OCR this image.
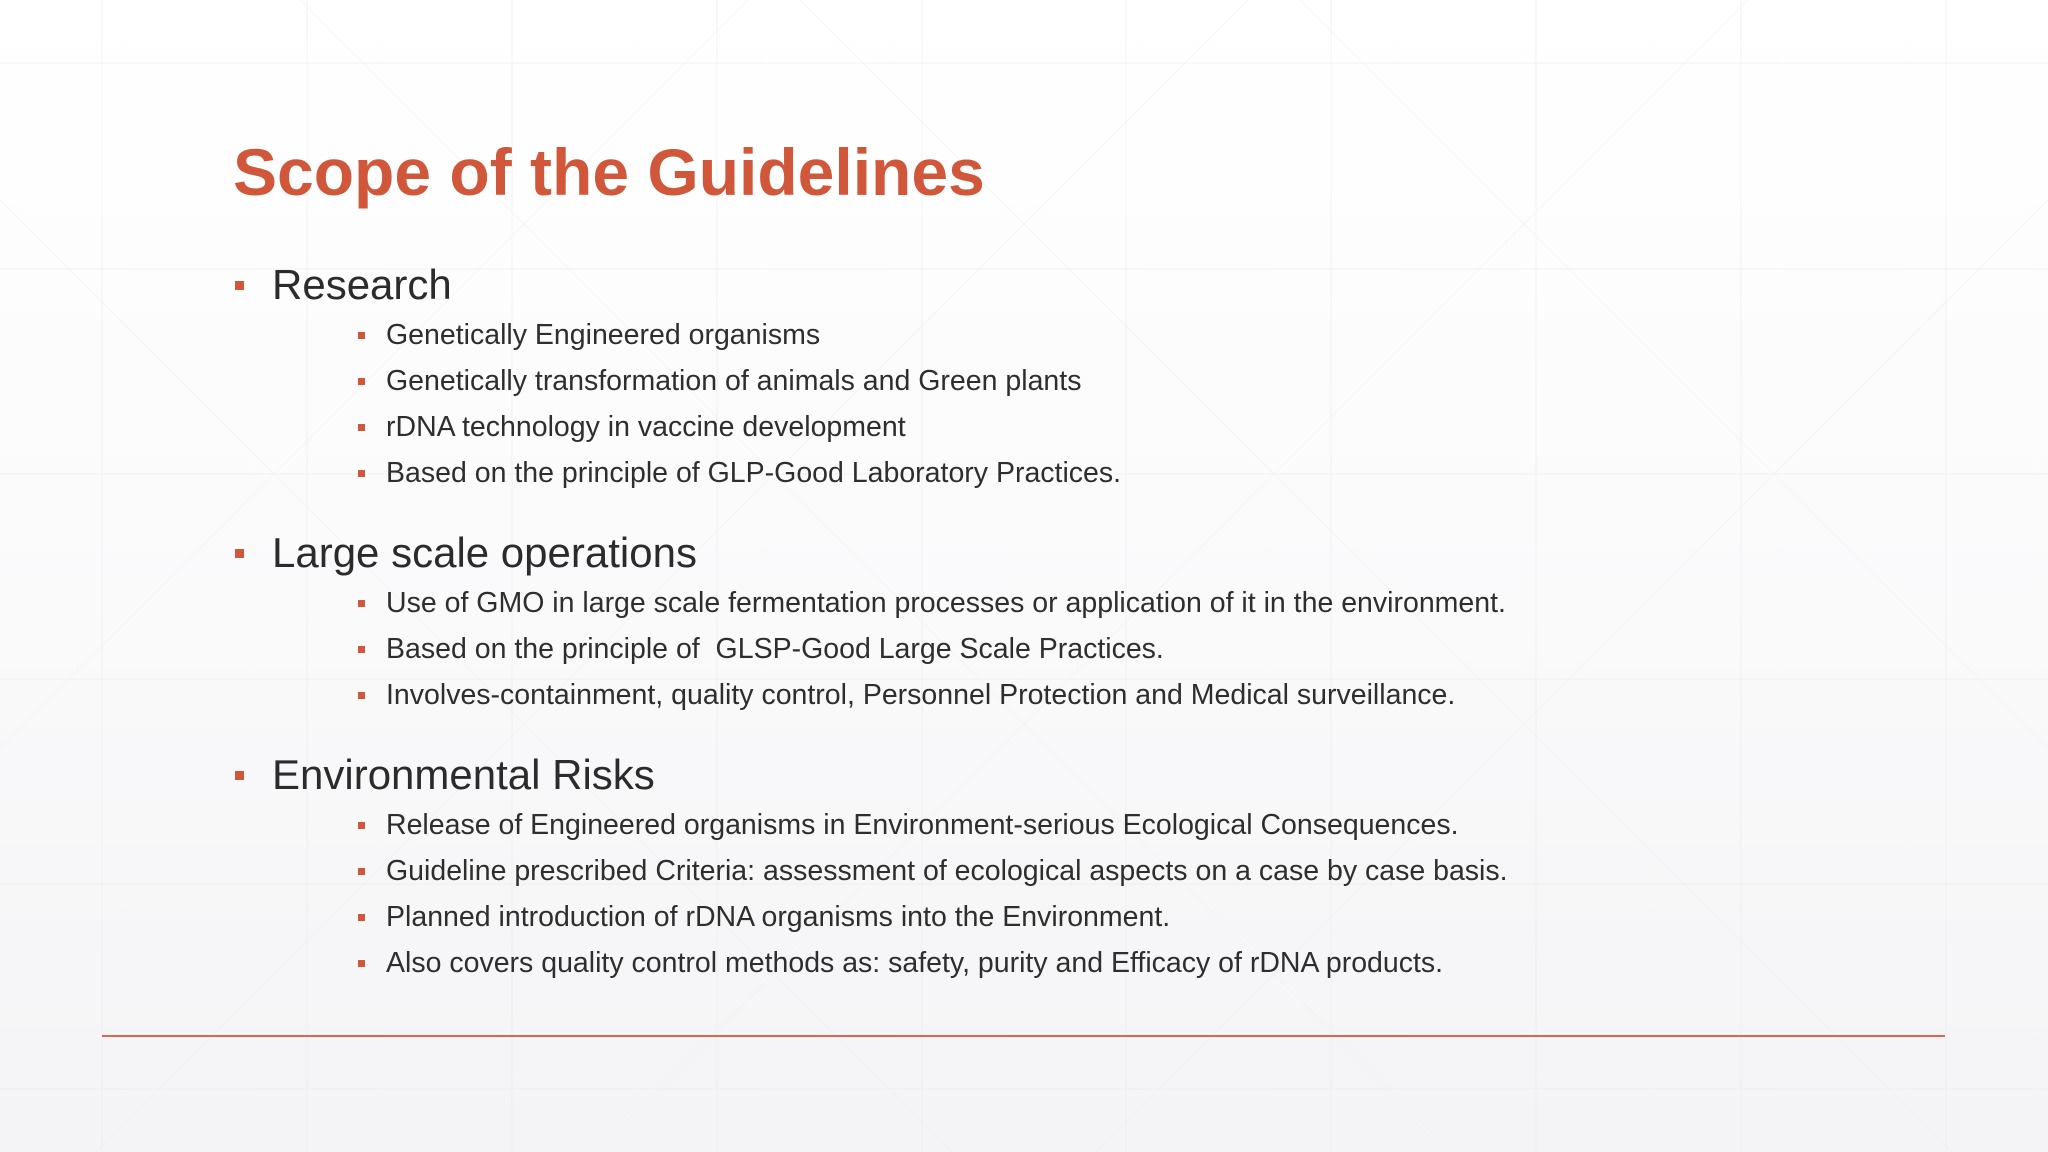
Scope of the Guidelines
Research
Genetically Engineered organisms
Genetically transformation of animals and Green plants
rDNA technology in vaccine development
Based on the principle of GLP-Good Laboratory Practices.
Large scale operations
Use of GMO in large scale fermentation processes or application of it in the environment.
Based on the principle of  GLSP-Good Large Scale Practices.
Involves-containment, quality control, Personnel Protection and Medical surveillance.
Environmental Risks
Release of Engineered organisms in Environment-serious Ecological Consequences.
Guideline prescribed Criteria: assessment of ecological aspects on a case by case basis.
Planned introduction of rDNA organisms into the Environment.
Also covers quality control methods as: safety, purity and Efficacy of rDNA products.
